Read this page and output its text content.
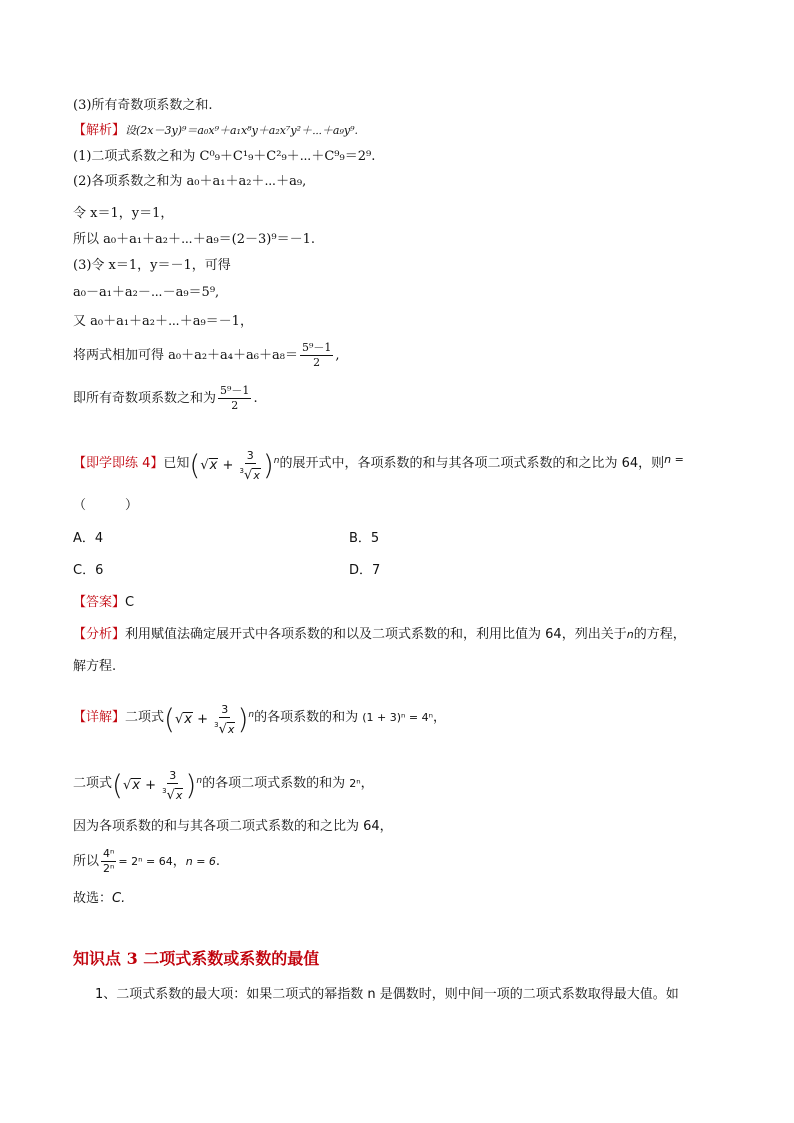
(3)所有奇数项系数之和.
【解析】设(2x－3y)⁹＝a₀x⁹＋a₁x⁸y＋a₂x⁷y²＋⋯＋a₉y⁹.
(1)二项式系数之和为 C⁰₉＋C¹₉＋C²₉＋⋯＋C⁹₉＝2⁹.
(2)各项系数之和为 a₀＋a₁＋a₂＋⋯＋a₉,
令 x＝1，y＝1，
所以 a₀＋a₁＋a₂＋⋯＋a₉＝(2－3)⁹＝－1.
(3)令 x＝1，y＝－1，可得
a₀－a₁＋a₂－⋯－a₉＝5⁹,
又 a₀＋a₁＋a₂＋⋯＋a₉＝－1，
将两式相加可得 $a_0+a_2+a_4+a_6+a_8= \frac{\text{5⁹－1}}{2}$ ,
即所有奇数项系数之和为 $\frac{\text{5⁹－1}}{2}$ .
【即学即练 4】已知$(√x + \frac{3}{^3√x} )^n$的展开式中，各项系数的和与其各项二项式系数的和之比为 64，则$^{n =}$
（　　　）
A．4	B．5
C．6	D．7
【答案】C
【分析】利用赋值法确定展开式中各项系数的和以及二项式系数的和，利用比值为 64，列出关于n的方程，
解方程.
【详解】二项式$(√x + \frac{3}{^3√x} )^n$的各项系数的和为 (1 + 3)ⁿ = 4ⁿ，
二项式$(√x + \frac{3}{^3√x} )^n$的各项二项式系数的和为 2ⁿ，
因为各项系数的和与其各项二项式系数的和之比为 64，
所以 $\frac{\text{4ⁿ}}{\text{2ⁿ}} = 2^n = 64$，n = 6.
故选：C.
知识点 3 二项式系数或系数的最值
1、二项式系数的最大项：如果二项式的幂指数 n 是偶数时，则中间一项的二项式系数取得最大值。如
